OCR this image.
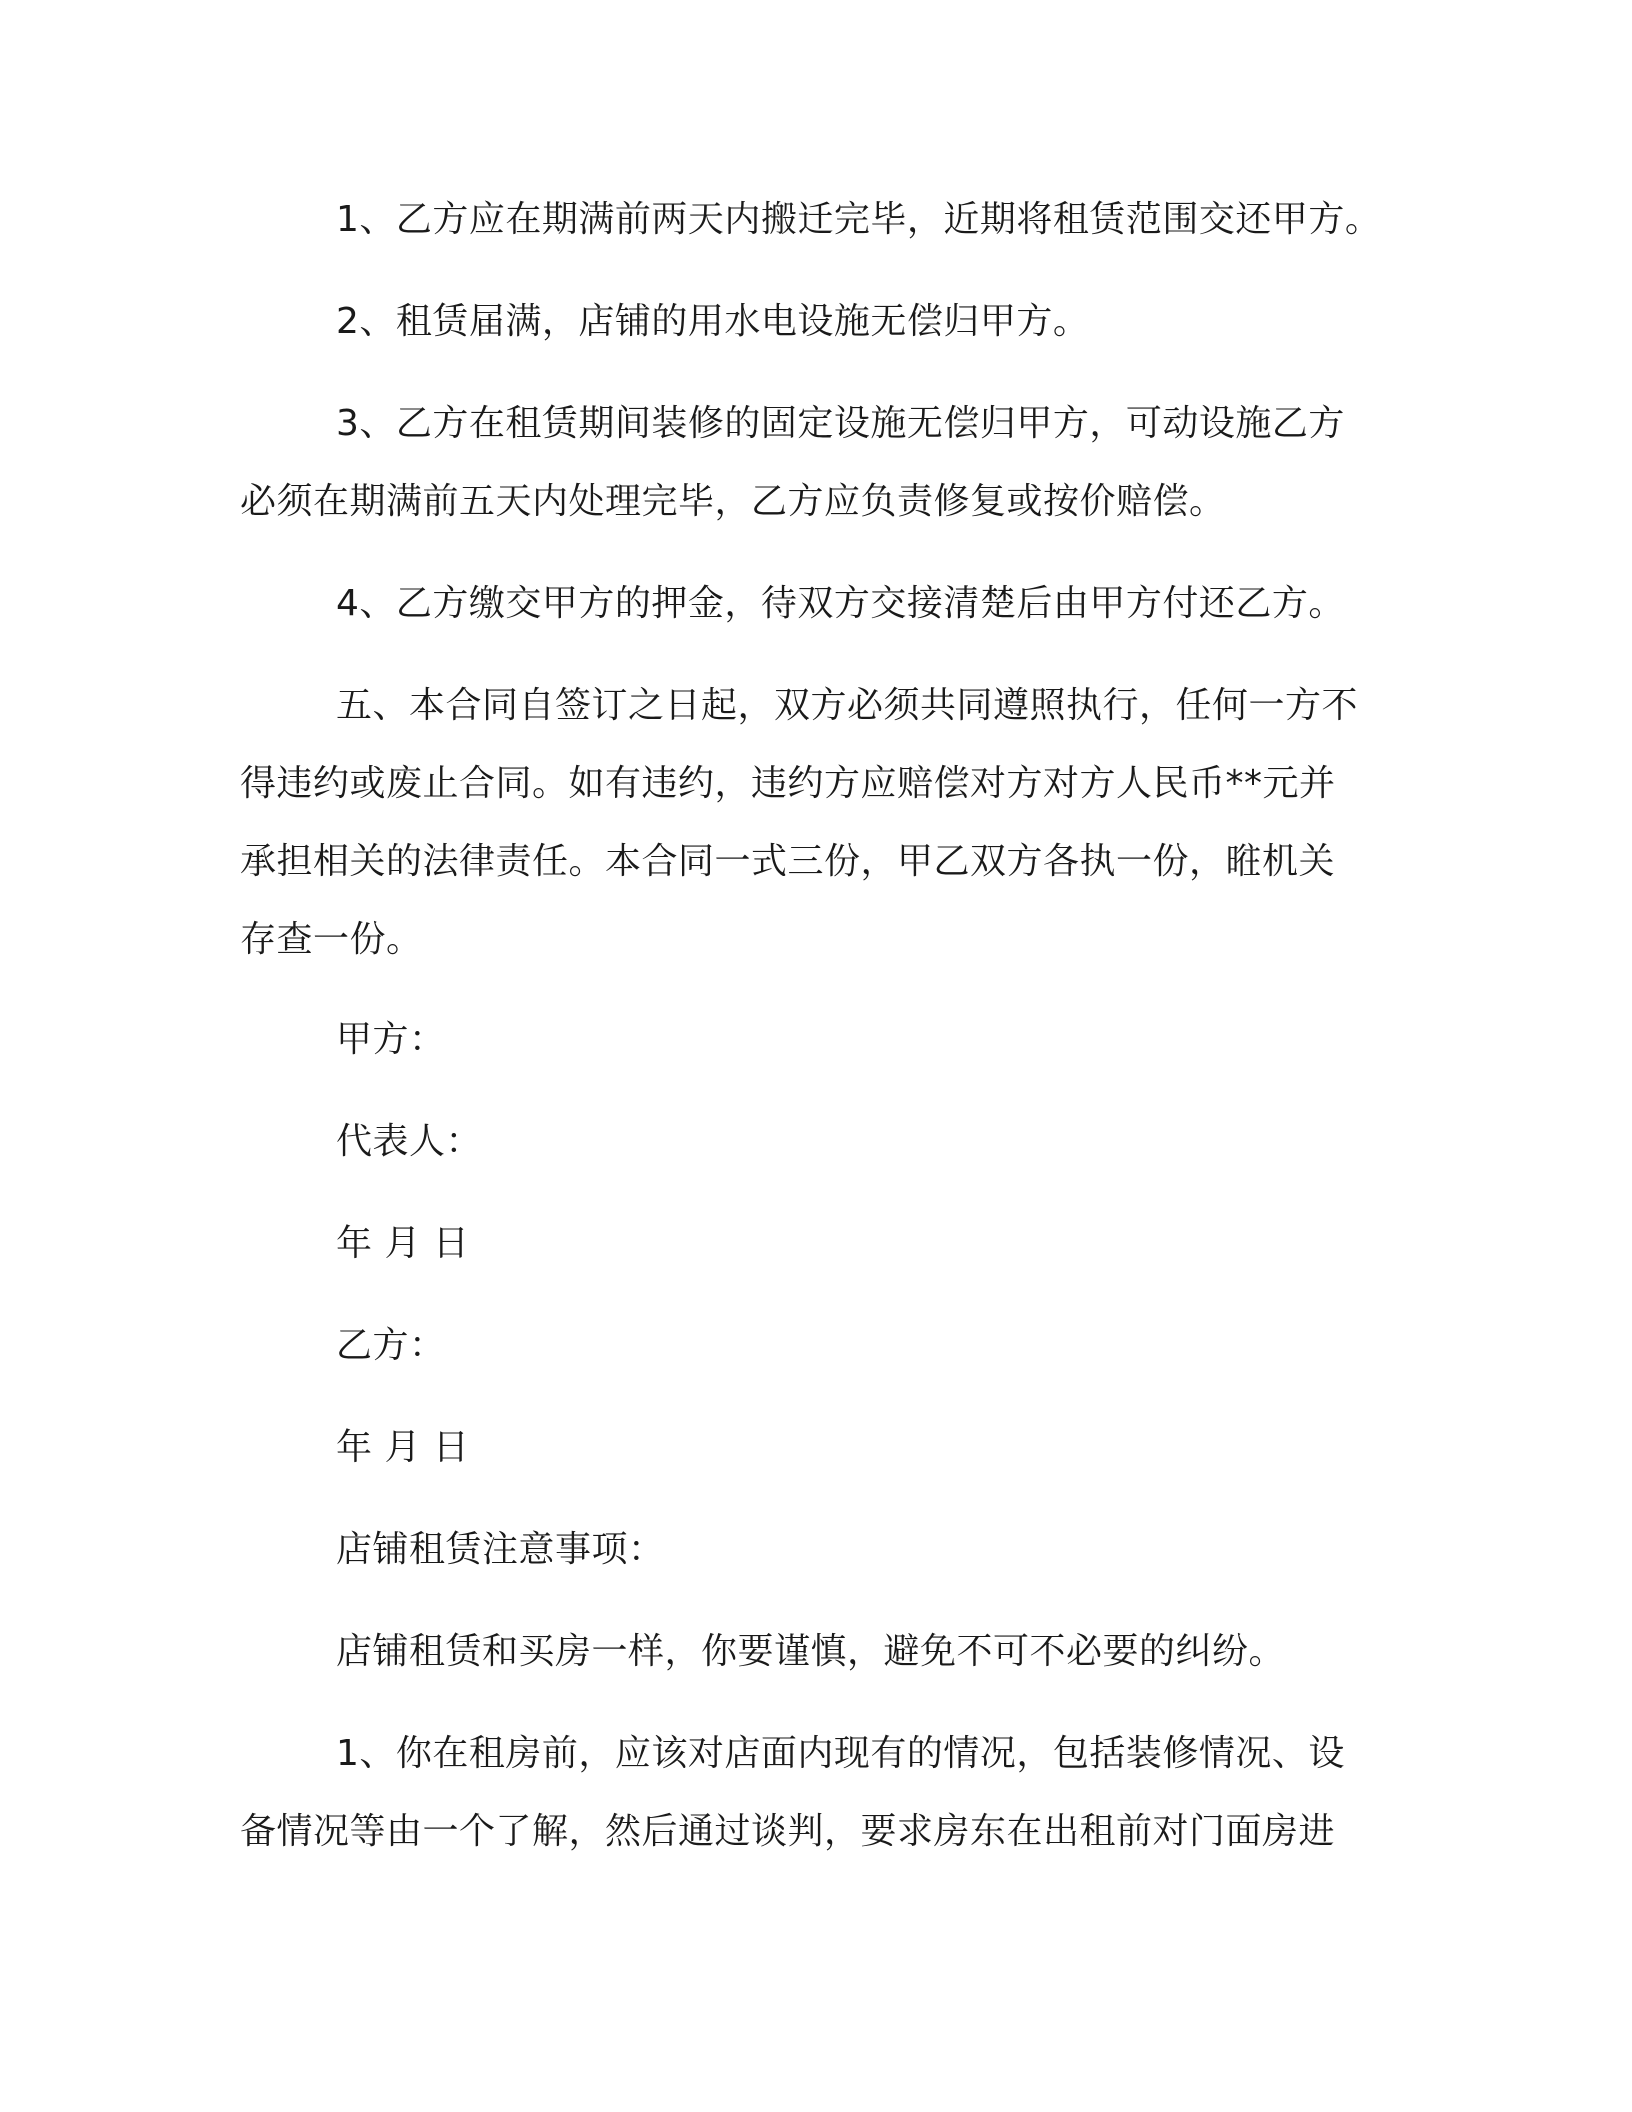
1、乙方应在期满前两天内搬迁完毕，近期将租赁范围交还甲方。
2、租赁届满，店铺的用水电设施无偿归甲方。
3、乙方在租赁期间装修的固定设施无偿归甲方，可动设施乙方
必须在期满前五天内处理完毕，乙方应负责修复或按价赔偿。
4、乙方缴交甲方的押金，待双方交接清楚后由甲方付还乙方。
五、本合同自签订之日起，双方必须共同遵照执行，任何一方不
得违约或废止合同。如有违约，违约方应赔偿对方对方人民币**元并
承担相关的法律责任。本合同一式三份，甲乙双方各执一份，暀机关
存查一份。
甲方：
代表人：
年 月 日
乙方：
年 月 日
店铺租赁注意事项：
店铺租赁和买房一样，你要谨慎，避免不可不必要的纠纷。
1、你在租房前，应该对店面内现有的情况，包括装修情况、设
备情况等由一个了解，然后通过谈判，要求房东在出租前对门面房进
